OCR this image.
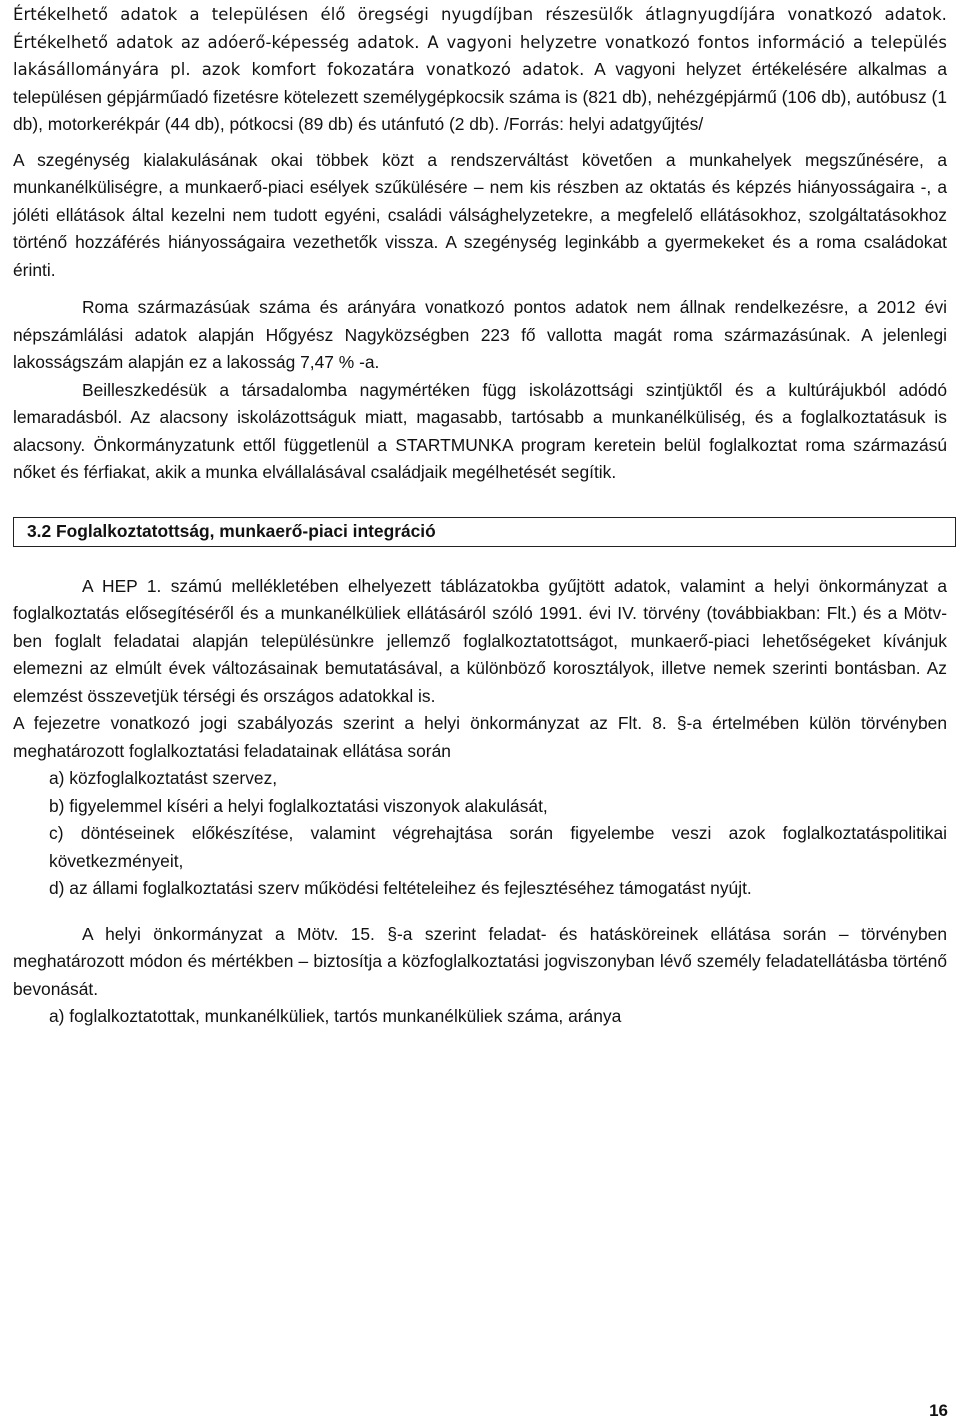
Értékelhető adatok a településen élő öregségi nyugdíjban részesülők átlagnyugdíjára vonatkozó adatok. Értékelhető adatok az adóerő-képesség adatok. A vagyoni helyzetre vonatkozó fontos információ a település lakásállományára pl. azok komfort fokozatára vonatkozó adatok. A vagyoni helyzet értékelésére alkalmas a településen gépjárműadó fizetésre kötelezett személygépkocsik száma is (821 db), nehézgépjármű (106 db), autóbusz (1 db), motorkerékpár (44 db), pótkocsi (89 db) és utánfutó (2 db). /Forrás: helyi adatgyűjtés/

A szegénység kialakulásának okai többek közt a rendszerváltást követően a munkahelyek megszűnésére, a munkanélküliségre, a munkaerő-piaci esélyek szűkülésére – nem kis részben az oktatás és képzés hiányosságaira -, a jóléti ellátások által kezelni nem tudott egyéni, családi válsághelyzetekre, a megfelelő ellátásokhoz, szolgáltatásokhoz történő hozzáférés hiányosságaira vezethetők vissza. A szegénység leginkább a gyermekeket és a roma családokat érinti.

Roma származásúak száma és arányára vonatkozó pontos adatok nem állnak rendelkezésre, a 2012 évi népszámlálási adatok alapján Hőgyész Nagyközségben 223 fő vallotta magát roma származásúnak. A jelenlegi lakosságszám alapján ez a lakosság 7,47 % -a.

Beilleszkedésük a társadalomba nagymértéken függ iskolázottsági szintjüktől és a kultúrájukból adódó lemaradásból. Az alacsony iskolázottságuk miatt, magasabb, tartósabb a munkanélküliség, és a foglalkoztatásuk is alacsony. Önkormányzatunk ettől függetlenül a STARTMUNKA program keretein belül foglalkoztat roma származású nőket és férfiakat, akik a munka elvállalásával családjaik megélhetését segítik.

3.2 Foglalkoztatottság, munkaerő-piaci integráció

A HEP 1. számú mellékletében elhelyezett táblázatokba gyűjtött adatok, valamint a helyi önkormányzat a foglalkoztatás elősegítéséről és a munkanélküliek ellátásáról szóló 1991. évi IV. törvény (továbbiakban: Flt.) és a Mötv-ben foglalt feladatai alapján településünkre jellemző foglalkoztatottságot, munkaerő-piaci lehetőségeket kívánjuk elemezni az elmúlt évek változásainak bemutatásával, a különböző korosztályok, illetve nemek szerinti bontásban. Az elemzést összevetjük térségi és országos adatokkal is.

A fejezetre vonatkozó jogi szabályozás szerint a helyi önkormányzat az Flt. 8. §-a értelmében külön törvényben meghatározott foglalkoztatási feladatainak ellátása során

a) közfoglalkoztatást szervez,

b) figyelemmel kíséri a helyi foglalkoztatási viszonyok alakulását,

c) döntéseinek előkészítése, valamint végrehajtása során figyelembe veszi azok foglalkoztatáspolitikai következményeit,

d) az állami foglalkoztatási szerv működési feltételeihez és fejlesztéséhez támogatást nyújt.

A helyi önkormányzat a Mötv. 15. §-a szerint feladat- és hatásköreinek ellátása során – törvényben meghatározott módon és mértékben – biztosítja a közfoglalkoztatási jogviszonyban lévő személy feladatellátásba történő bevonását.

a) foglalkoztatottak, munkanélküliek, tartós munkanélküliek száma, aránya

16
